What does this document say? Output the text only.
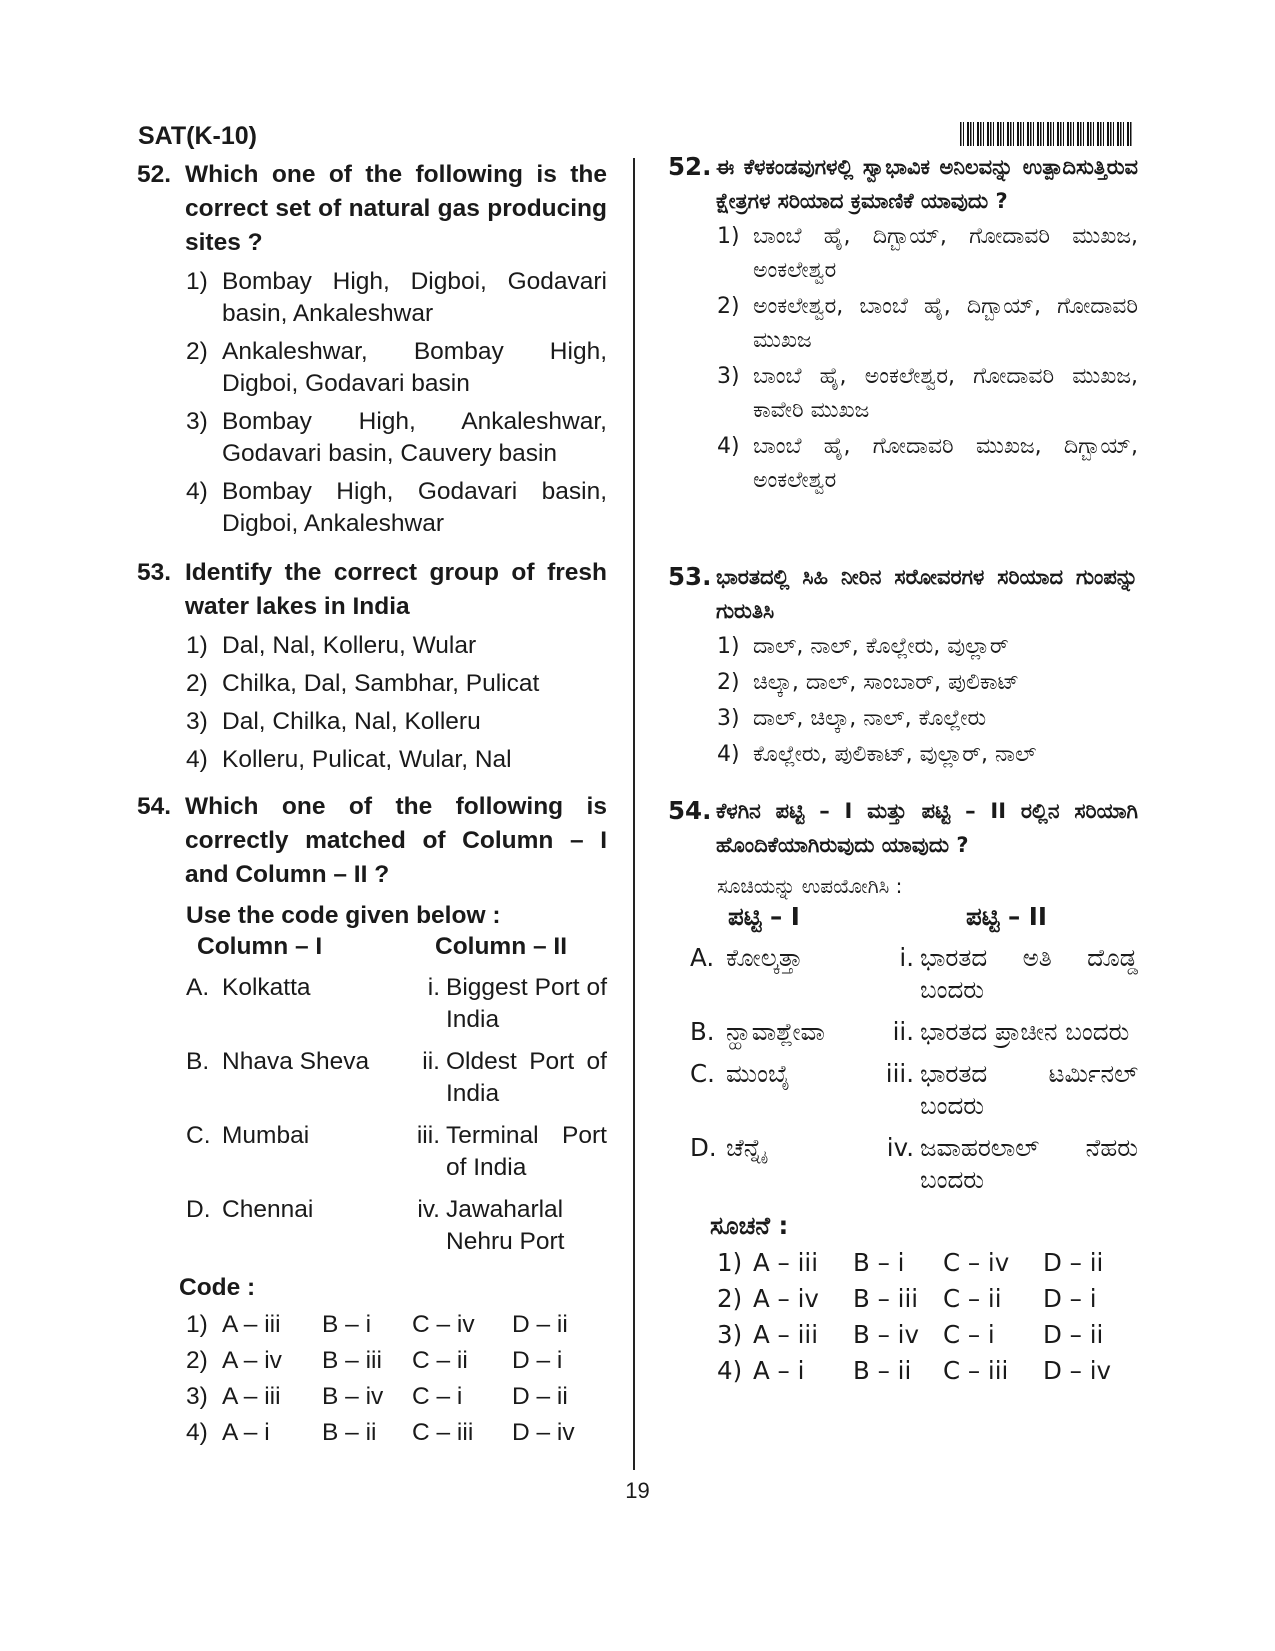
SAT(K-10)
52. Which one of the following is the correct set of natural gas producing sites ?
1) Bombay High, Digboi, Godavari basin, Ankaleshwar
2) Ankaleshwar, Bombay High, Digboi, Godavari basin
3) Bombay High, Ankaleshwar, Godavari basin, Cauvery basin
4) Bombay High, Godavari basin, Digboi, Ankaleshwar
53. Identify the correct group of fresh water lakes in India
1) Dal, Nal, Kolleru, Wular
2) Chilka, Dal, Sambhar, Pulicat
3) Dal, Chilka, Nal, Kolleru
4) Kolleru, Pulicat, Wular, Nal
54. Which one of the following is correctly matched of Column – I and Column – II ?
Use the code given below :
Column – I	Column – II
A. Kolkatta	i. Biggest Port of India
B. Nhava Sheva	ii. Oldest Port of India
C. Mumbai	iii. Terminal Port of India
D. Chennai	iv. Jawaharlal Nehru Port
Code :
1) A – iii	B – i	C – iv	D – ii
2) A – iv	B – iii	C – ii	D – i
3) A – iii	B – iv	C – i	D – ii
4) A – i	B – ii	C – iii	D – iv
52. ಈ ಕೆಳಕಂಡವುಗಳಲ್ಲಿ ಸ್ವಾಭಾವಿಕ ಅನಿಲವನ್ನು ಉತ್ಪಾದಿಸುತ್ತಿರುವ ಕ್ಷೇತ್ರಗಳ ಸರಿಯಾದ ಕ್ರಮಾಣಿಕೆ ಯಾವುದು ?
1) ಬಾಂಬೆ ಹೈ, ದಿಗ್ಬಾಯ್, ಗೋದಾವರಿ ಮುಖಜ, ಅಂಕಲೇಶ್ವರ
2) ಅಂಕಲೇಶ್ವರ, ಬಾಂಬೆ ಹೈ, ದಿಗ್ಬಾಯ್, ಗೋದಾವರಿ ಮುಖಜ
3) ಬಾಂಬೆ ಹೈ, ಅಂಕಲೇಶ್ವರ, ಗೋದಾವರಿ ಮುಖಜ, ಕಾವೇರಿ ಮುಖಜ
4) ಬಾಂಬೆ ಹೈ, ಗೋದಾವರಿ ಮುಖಜ, ದಿಗ್ಬಾಯ್, ಅಂಕಲೇಶ್ವರ
53. ಭಾರತದಲ್ಲಿ ಸಿಹಿ ನೀರಿನ ಸರೋವರಗಳ ಸರಿಯಾದ ಗುಂಪನ್ನು ಗುರುತಿಸಿ
1) ದಾಲ್, ನಾಲ್, ಕೊಲ್ಲೇರು, ವುಲ್ಲಾರ್
2) ಚಿಲ್ಕಾ, ದಾಲ್, ಸಾಂಬಾರ್, ಪುಲಿಕಾಟ್
3) ದಾಲ್, ಚಿಲ್ಕಾ, ನಾಲ್, ಕೊಲ್ಲೇರು
4) ಕೊಲ್ಲೇರು, ಪುಲಿಕಾಟ್, ವುಲ್ಲಾರ್, ನಾಲ್
54. ಕೆಳಗಿನ ಪಟ್ಟಿ – I ಮತ್ತು ಪಟ್ಟಿ – II ರಲ್ಲಿನ ಸರಿಯಾಗಿ ಹೊಂದಿಕೆಯಾಗಿರುವುದು ಯಾವುದು ?
ಸೂಚಿಯನ್ನು ಉಪಯೋಗಿಸಿ :
ಪಟ್ಟಿ – I	ಪಟ್ಟಿ – II
A. ಕೋಲ್ಕತ್ತಾ	i. ಭಾರತದ ಅತಿ ದೊಡ್ಡ ಬಂದರು
B. ನ್ಹಾವಾಶ್ಲೇವಾ	ii. ಭಾರತದ ಪ್ರಾಚೀನ ಬಂದರು
C. ಮುಂಬೈ	iii. ಭಾರತದ ಟರ್ಮಿನಲ್ ಬಂದರು
D. ಚೆನ್ನೈ	iv. ಜವಾಹರಲಾಲ್ ನೆಹರು ಬಂದರು
ಸೂಚನೆ :
1) A – iii	B – i	C – iv	D – ii
2) A – iv	B – iii	C – ii	D – i
3) A – iii	B – iv C – i	D – ii
4) A – i	B – ii	C – iii	D – iv
19
